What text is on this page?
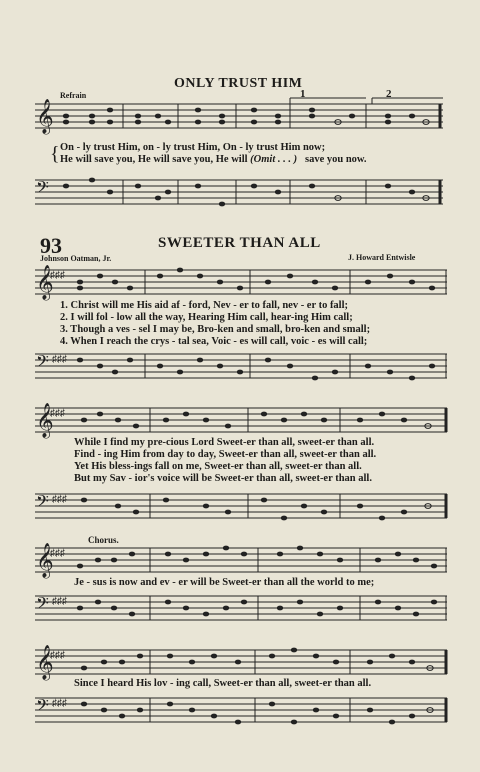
ONLY TRUST HIM
Refrain	1	2
𝄞
{ On - ly trust Him, on - ly trust Him, On - ly trust Him now;
He will save you, He will save you, He will (Omit . . . ) save you now.
𝄢
93	SWEETER THAN ALL
Johnson Oatman, Jr.	J. Howard Entwisle
𝄞
♯♯♯
1. Christ will me His aid af - ford, Nev - er to fall, nev - er to fall;
2. I will fol - low all the way, Hearing Him call, hear-ing Him call;
3. Though a ves - sel I may be, Bro-ken and small, bro-ken and small;
4. When I reach the crys - tal sea, Voic - es will call, voic - es will call;
𝄢 ♯♯♯
𝄞
♯♯♯
While I find my pre-cious Lord Sweet-er than all, sweet-er than all.
Find - ing Him from day to day, Sweet-er than all, sweet-er than all.
Yet His bless-ings fall on me, Sweet-er than all, sweet-er than all.
But my Sav - ior's voice will be Sweet-er than all, sweet-er than all.
𝄢 ♯♯♯
Chorus.
𝄞
♯♯♯
Je - sus is now and ev - er will be Sweet-er than all the world to me;
𝄢 ♯♯♯
𝄞
♯♯♯
Since I heard His lov - ing call, Sweet-er than all, sweet-er than all.
𝄢 ♯♯♯
